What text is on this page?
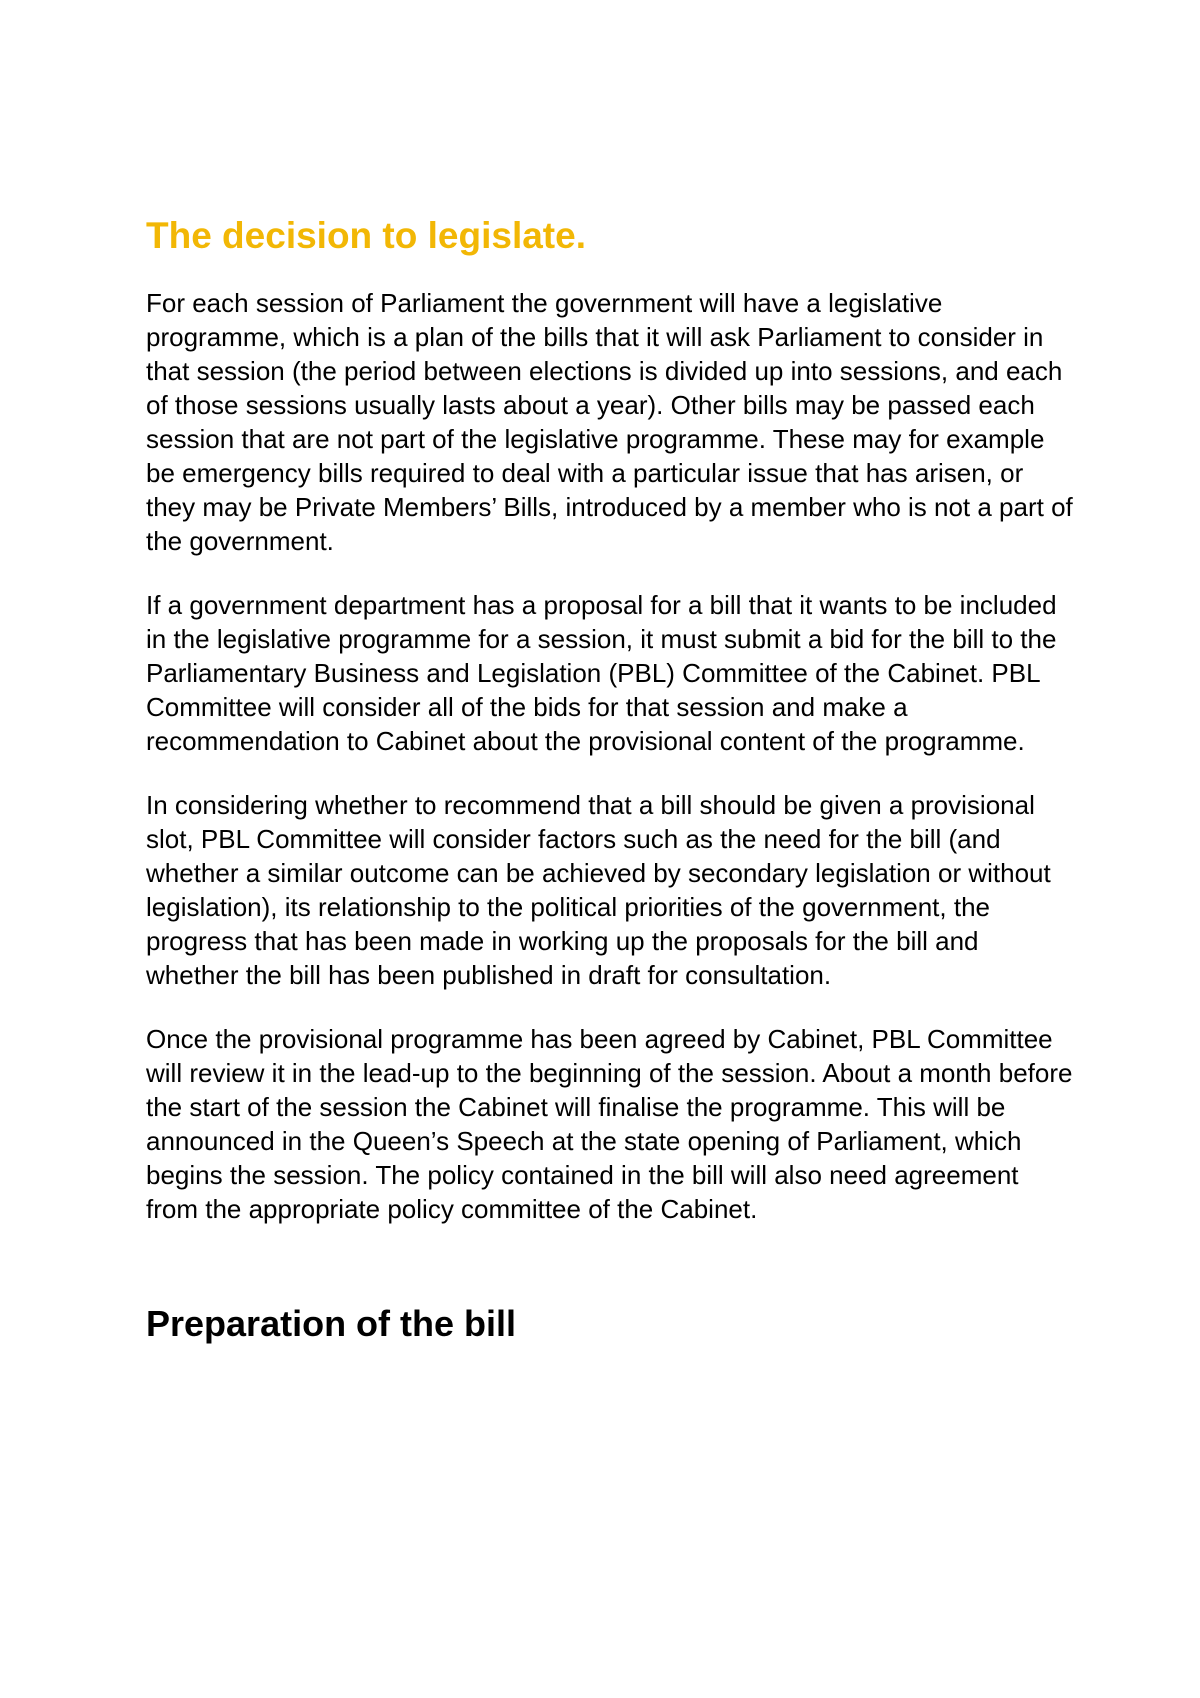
The decision to legislate.

For each session of Parliament the government will have a legislative programme, which is a plan of the bills that it will ask Parliament to consider in that session (the period between elections is divided up into sessions, and each of those sessions usually lasts about a year). Other bills may be passed each session that are not part of the legislative programme. These may for example be emergency bills required to deal with a particular issue that has arisen, or they may be Private Members’ Bills, introduced by a member who is not a part of the government.

If a government department has a proposal for a bill that it wants to be included in the legislative programme for a session, it must submit a bid for the bill to the Parliamentary Business and Legislation (PBL) Committee of the Cabinet. PBL Committee will consider all of the bids for that session and make a recommendation to Cabinet about the provisional content of the programme.

In considering whether to recommend that a bill should be given a provisional slot, PBL Committee will consider factors such as the need for the bill (and whether a similar outcome can be achieved by secondary legislation or without legislation), its relationship to the political priorities of the government, the progress that has been made in working up the proposals for the bill and whether the bill has been published in draft for consultation.

Once the provisional programme has been agreed by Cabinet, PBL Committee will review it in the lead-up to the beginning of the session. About a month before the start of the session the Cabinet will finalise the programme. This will be announced in the Queen’s Speech at the state opening of Parliament, which begins the session. The policy contained in the bill will also need agreement from the appropriate policy committee of the Cabinet.

Preparation of the bill
